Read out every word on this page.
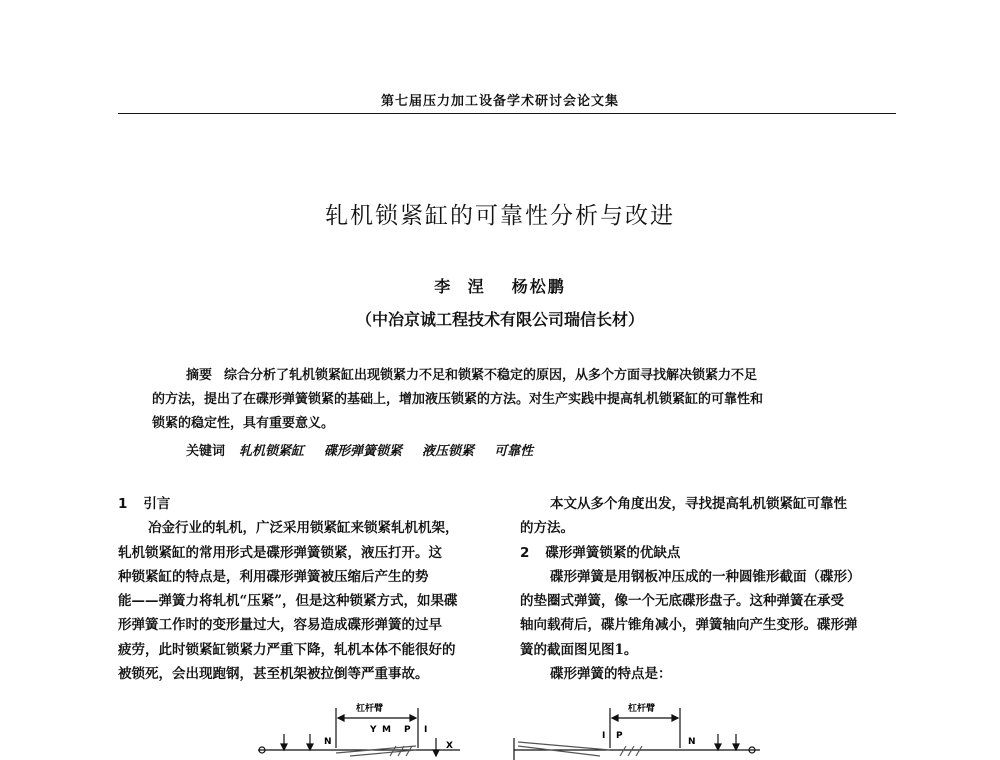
第七届压力加工设备学术研讨会论文集
轧机锁紧缸的可靠性分析与改进
李 涅 杨松鹏
（中冶京诚工程技术有限公司瑞信长材）
摘要 综合分析了轧机锁紧缸出现锁紧力不足和锁紧不稳定的原因，从多个方面寻找解决锁紧力不足
的方法，提出了在碟形弹簧锁紧的基础上，增加液压锁紧的方法。对生产实践中提高轧机锁紧缸的可靠性和
锁紧的稳定性，具有重要意义。
关键词 轧机锁紧缸 碟形弹簧锁紧 液压锁紧 可靠性
1 引言
冶金行业的轧机，广泛采用锁紧缸来锁紧轧机机架，
轧机锁紧缸的常用形式是碟形弹簧锁紧，液压打开。这
种锁紧缸的特点是，利用碟形弹簧被压缩后产生的势
能——弹簧力将轧机“压紧”，但是这种锁紧方式，如果碟
形弹簧工作时的变形量过大，容易造成碟形弹簧的过早
疲劳，此时锁紧缸锁紧力严重下降，轧机本体不能很好的
被锁死，会出现跑钢，甚至机架被拉倒等严重事故。
本文从多个角度出发，寻找提高轧机锁紧缸可靠性
的方法。
2 碟形弹簧锁紧的优缺点
碟形弹簧是用钢板冲压成的一种圆锥形截面（碟形）
的垫圈式弹簧，像一个无底碟形盘子。这种弹簧在承受
轴向载荷后，碟片锥角减小，弹簧轴向产生变形。碟形弹
簧的截面图见图1。
碟形弹簧的特点是：
杠杆臂
N
Y M P I
X
杠杆臂
I P
N
